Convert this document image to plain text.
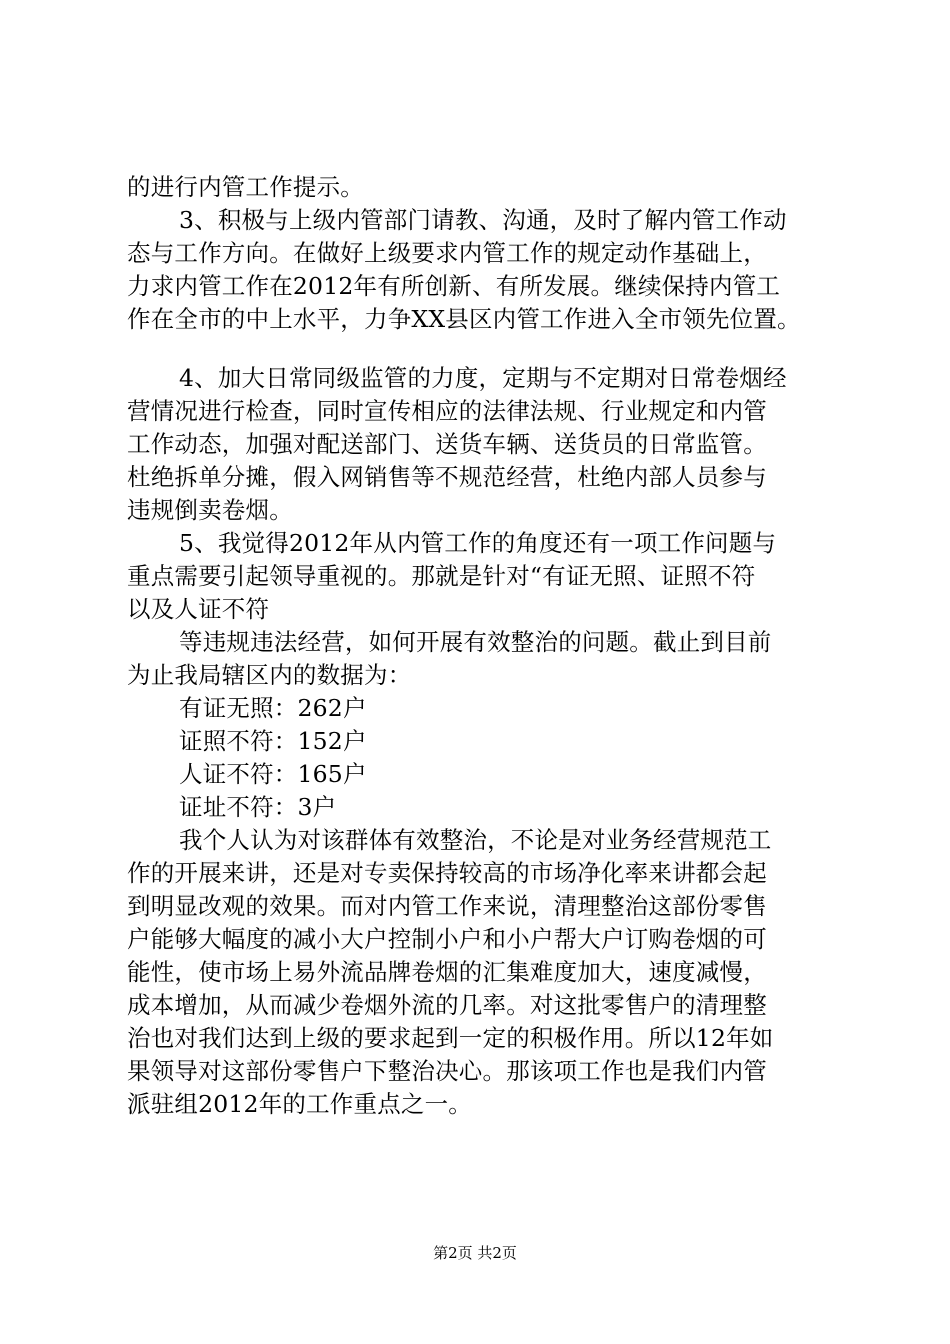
的进行内管工作提示。
3、积极与上级内管部门请教、沟通，及时了解内管工作动
态与工作方向。在做好上级要求内管工作的规定动作基础上，
力求内管工作在2012年有所创新、有所发展。继续保持内管工
作在全市的中上水平，力争XX县区内管工作进入全市领先位置。
4、加大日常同级监管的力度，定期与不定期对日常卷烟经
营情况进行检查，同时宣传相应的法律法规、行业规定和内管
工作动态，加强对配送部门、送货车辆、送货员的日常监管。
杜绝拆单分摊，假入网销售等不规范经营，杜绝内部人员参与
违规倒卖卷烟。
5、我觉得2012年从内管工作的角度还有一项工作问题与
重点需要引起领导重视的。那就是针对“有证无照、证照不符
以及人证不符
等违规违法经营，如何开展有效整治的问题。截止到目前
为止我局辖区内的数据为：
有证无照：262户
证照不符：152户
人证不符：165户
证址不符：3户
我个人认为对该群体有效整治，不论是对业务经营规范工
作的开展来讲，还是对专卖保持较高的市场净化率来讲都会起
到明显改观的效果。而对内管工作来说，清理整治这部份零售
户能够大幅度的减小大户控制小户和小户帮大户订购卷烟的可
能性，使市场上易外流品牌卷烟的汇集难度加大，速度减慢，
成本增加，从而减少卷烟外流的几率。对这批零售户的清理整
治也对我们达到上级的要求起到一定的积极作用。所以12年如
果领导对这部份零售户下整治决心。那该项工作也是我们内管
派驻组2012年的工作重点之一。
第2页 共2页
